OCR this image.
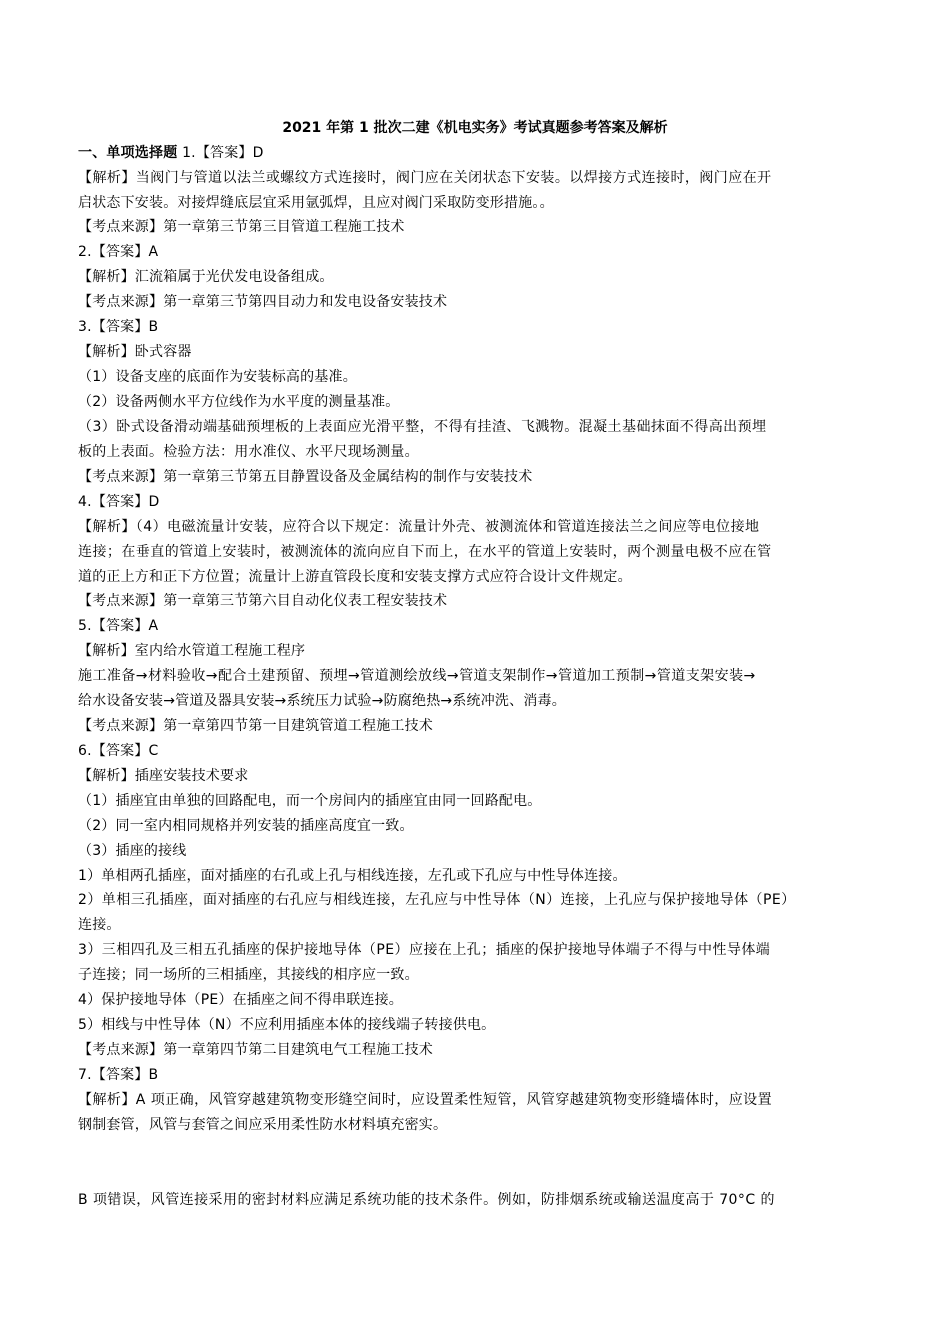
2021 年第 1 批次二建《机电实务》考试真题参考答案及解析
一、单项选择题 1.【答案】D
【解析】当阀门与管道以法兰或螺纹方式连接时，阀门应在关闭状态下安装。以焊接方式连接时，阀门应在开
启状态下安装。对接焊缝底层宜采用氩弧焊，且应对阀门采取防变形措施。。
【考点来源】第一章第三节第三目管道工程施工技术
2.【答案】A
【解析】汇流箱属于光伏发电设备组成。
【考点来源】第一章第三节第四目动力和发电设备安装技术
3.【答案】B
【解析】卧式容器
（1）设备支座的底面作为安装标高的基准。
（2）设备两侧水平方位线作为水平度的测量基准。
（3）卧式设备滑动端基础预埋板的上表面应光滑平整，不得有挂渣、飞溅物。混凝土基础抹面不得高出预埋
板的上表面。检验方法：用水准仪、水平尺现场测量。
【考点来源】第一章第三节第五目静置设备及金属结构的制作与安装技术
4.【答案】D
【解析】（4）电磁流量计安装，应符合以下规定：流量计外壳、被测流体和管道连接法兰之间应等电位接地
连接；在垂直的管道上安装时，被测流体的流向应自下而上，在水平的管道上安装时，两个测量电极不应在管
道的正上方和正下方位置；流量计上游直管段长度和安装支撑方式应符合设计文件规定。
【考点来源】第一章第三节第六目自动化仪表工程安装技术
5.【答案】A
【解析】室内给水管道工程施工程序
施工准备→材料验收→配合土建预留、预埋→管道测绘放线→管道支架制作→管道加工预制→管道支架安装→
给水设备安装→管道及器具安装→系统压力试验→防腐绝热→系统冲洗、消毒。
【考点来源】第一章第四节第一目建筑管道工程施工技术
6.【答案】C
【解析】插座安装技术要求
（1）插座宜由单独的回路配电，而一个房间内的插座宜由同一回路配电。
（2）同一室内相同规格并列安装的插座高度宜一致。
（3）插座的接线
1）单相两孔插座，面对插座的右孔或上孔与相线连接，左孔或下孔应与中性导体连接。
2）单相三孔插座，面对插座的右孔应与相线连接，左孔应与中性导体（N）连接，上孔应与保护接地导体（PE）
连接。
3）三相四孔及三相五孔插座的保护接地导体（PE）应接在上孔；插座的保护接地导体端子不得与中性导体端
子连接；同一场所的三相插座，其接线的相序应一致。
4）保护接地导体（PE）在插座之间不得串联连接。
5）相线与中性导体（N）不应利用插座本体的接线端子转接供电。
【考点来源】第一章第四节第二目建筑电气工程施工技术
7.【答案】B
【解析】A 项正确，风管穿越建筑物变形缝空间时，应设置柔性短管，风管穿越建筑物变形缝墙体时，应设置
钢制套管，风管与套管之间应采用柔性防水材料填充密实。
B 项错误，风管连接采用的密封材料应满足系统功能的技术条件。例如，防排烟系统或输送温度高于 70°C 的
